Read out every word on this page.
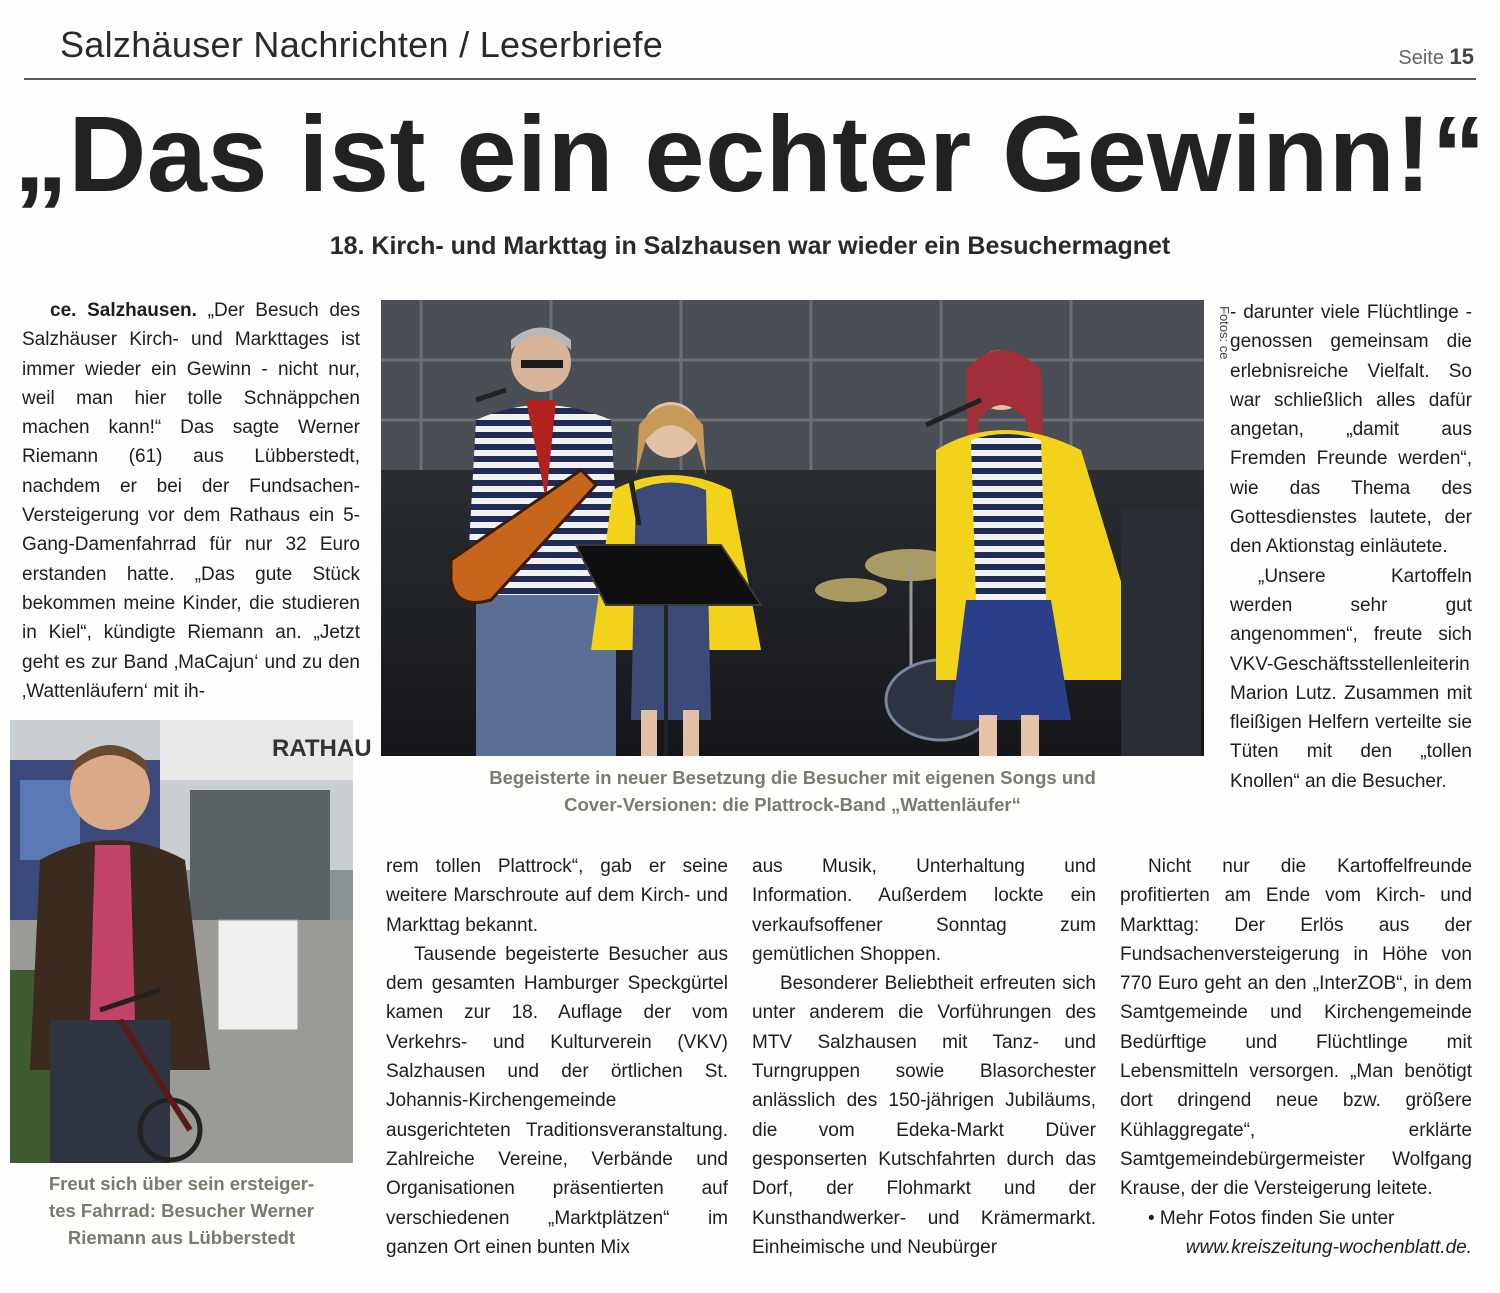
Salzhäuser Nachrichten / Leserbriefe	Seite 15
„Das ist ein echter Gewinn!“
18. Kirch- und Markttag in Salzhausen war wieder ein Besuchermagnet

ce. Salzhausen. „Der Besuch des Salzhäuser Kirch- und Markttages ist immer wieder ein Gewinn - nicht nur, weil man hier tolle Schnäppchen machen kann!“ Das sagte Werner Riemann (61) aus Lübberstedt, nachdem er bei der Fundsachen-Versteigerung vor dem Rathaus ein 5-Gang-Damenfahrrad für nur 32 Euro erstanden hatte. „Das gute Stück bekommen meine Kinder, die studieren in Kiel“, kündigte Riemann an. „Jetzt geht es zur Band ‚MaCajun‘ und zu den ‚Wattenläufern‘ mit ih-

Fotos: ce
Begeisterte in neuer Besetzung die Besucher mit eigenen Songs und
Cover-Versionen: die Plattrock-Band „Wattenläufer“
RATHAU
Freut sich über sein ersteiger-
tes Fahrrad: Besucher Werner
Riemann aus Lübberstedt

rem tollen Plattrock“, gab er seine weitere Marschroute auf dem Kirch- und Markttag bekannt.

Tausende begeisterte Besucher aus dem gesamten Hamburger Speckgürtel kamen zur 18. Auflage der vom Verkehrs- und Kulturverein (VKV) Salzhausen und der örtlichen St. Johannis-Kirchengemeinde ausgerichteten Traditionsveranstaltung. Zahlreiche Vereine, Verbände und Organisationen präsentierten auf verschiedenen „Marktplätzen“ im ganzen Ort einen bunten Mix

aus Musik, Unterhaltung und Information. Außerdem lockte ein verkaufsoffener Sonntag zum gemütlichen Shoppen.

Besonderer Beliebtheit erfreuten sich unter anderem die Vorführungen des MTV Salzhausen mit Tanz- und Turngruppen sowie Blasorchester anlässlich des 150-jährigen Jubiläums, die vom Edeka-Markt Düver gesponserten Kutschfahrten durch das Dorf, der Flohmarkt und der Kunsthandwerker- und Krämermarkt. Einheimische und Neubürger

- darunter viele Flüchtlinge - genossen gemeinsam die erlebnisreiche Vielfalt. So war schließlich alles dafür angetan, „damit aus Fremden Freunde werden“, wie das Thema des Gottesdienstes lautete, der den Aktionstag einläutete.

„Unsere Kartoffeln werden sehr gut angenommen“, freute sich VKV-Geschäftsstellenleiterin Marion Lutz. Zusammen mit fleißigen Helfern verteilte sie Tüten mit den „tollen Knollen“ an die Besucher.

Nicht nur die Kartoffelfreunde profitierten am Ende vom Kirch- und Markttag: Der Erlös aus der Fundsachenversteigerung in Höhe von 770 Euro geht an den „InterZOB“, in dem Samtgemeinde und Kirchengemeinde Bedürftige und Flüchtlinge mit Lebensmitteln versorgen. „Man benötigt dort dringend neue bzw. größere Kühlaggregate“, erklärte Samtgemeindebürgermeister Wolfgang Krause, der die Versteigerung leitete.

• Mehr Fotos finden Sie unter

www.kreiszeitung-wochenblatt.de.
